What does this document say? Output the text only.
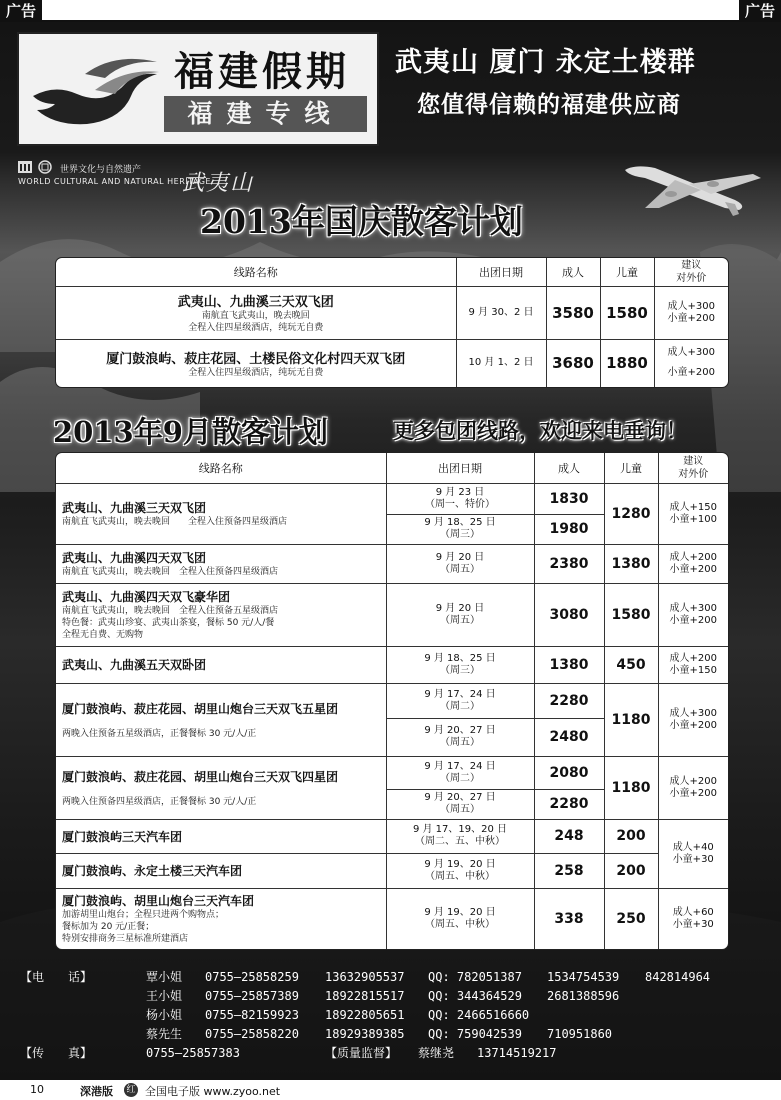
广告	广告
福建假期
福建专线
武夷山 厦门 永定土楼群
您值得信赖的福建供应商
世界文化与自然遗产
WORLD CULTURAL AND NATURAL HERITAGE
武夷山
2013年国庆散客计划
线路名称	出团日期	成人	儿童	建议
对外价

武夷山、九曲溪三天双飞团
南航直飞武夷山，晚去晚回
全程入住四星级酒店，纯玩无自费	9 月 30、2 日	3580	1580	成人+300
小童+200

厦门鼓浪屿、菽庄花园、土楼民俗文化村四天双飞团
全程入住四星级酒店，纯玩无自费	10 月 1、2 日	3680	1880	成人+300
小童+200
2013年9月散客计划	更多包团线路，欢迎来电垂询！
线路名称	出团日期	成人	儿童	建议
对外价

武夷山、九曲溪三天双飞团
南航直飞武夷山，晚去晚回　　全程入住预备四星级酒店	9 月 23 日
（周一、特价）	1830	1280	成人+150
小童+100
	9 月 18、25 日
（周三）	1980		

武夷山、九曲溪四天双飞团
南航直飞武夷山，晚去晚回　全程入住预备四星级酒店	9 月 20 日
（周五）	2380	1380	成人+200
小童+200

武夷山、九曲溪四天双飞豪华团
南航直飞武夷山，晚去晚回　全程入住预备五星级酒店
特色餐：武夷山珍宴、武夷山茶宴，餐标 50 元/人/餐
全程无自费、无购物	9 月 20 日
（周五）	3080	1580	成人+300
小童+200

武夷山、九曲溪五天双卧团	9 月 18、25 日
（周三）	1380	450	成人+200
小童+150

厦门鼓浪屿、菽庄花园、胡里山炮台三天双飞五星团

两晚入住预备五星级酒店，正餐餐标 30 元/人/正	9 月 17、24 日
（周二）	2280	1180	成人+300
小童+200
	9 月 20、27 日
（周五）	2480		

厦门鼓浪屿、菽庄花园、胡里山炮台三天双飞四星团

两晚入住预备四星级酒店，正餐餐标 30 元/人/正	9 月 17、24 日
（周二）	2080	1180	成人+200
小童+200
	9 月 20、27 日
（周五）	2280		

厦门鼓浪屿三天汽车团	9 月 17、19、20 日
（周二、五、中秋）	248	200	成人+40
小童+30

厦门鼓浪屿、永定土楼三天汽车团	9 月 19、20 日
（周五、中秋）	258	200	

厦门鼓浪屿、胡里山炮台三天汽车团
加游胡里山炮台；全程只进两个购物点；
餐标加为 20 元/正餐；
特别安排商务三星标准所建酒店	9 月 19、20 日
（周五、中秋）	338	250	成人+60
小童+30
【电　　话】	覃小姐 0755—25858259 13632905537 QQ: 782051387 1534754539 842814964
王小姐 0755—25857389 18922815517 QQ: 344364529 2681388596
杨小姐 0755—82159923 18922805651 QQ: 2466516660
蔡先生 0755—25858220 18929389385 QQ: 759042539 710951860
【传　　真】	0755—25857383	【质量监督】 蔡继尧 13714519217
10	深港版 红 全国电子版 www.zyoo.net
